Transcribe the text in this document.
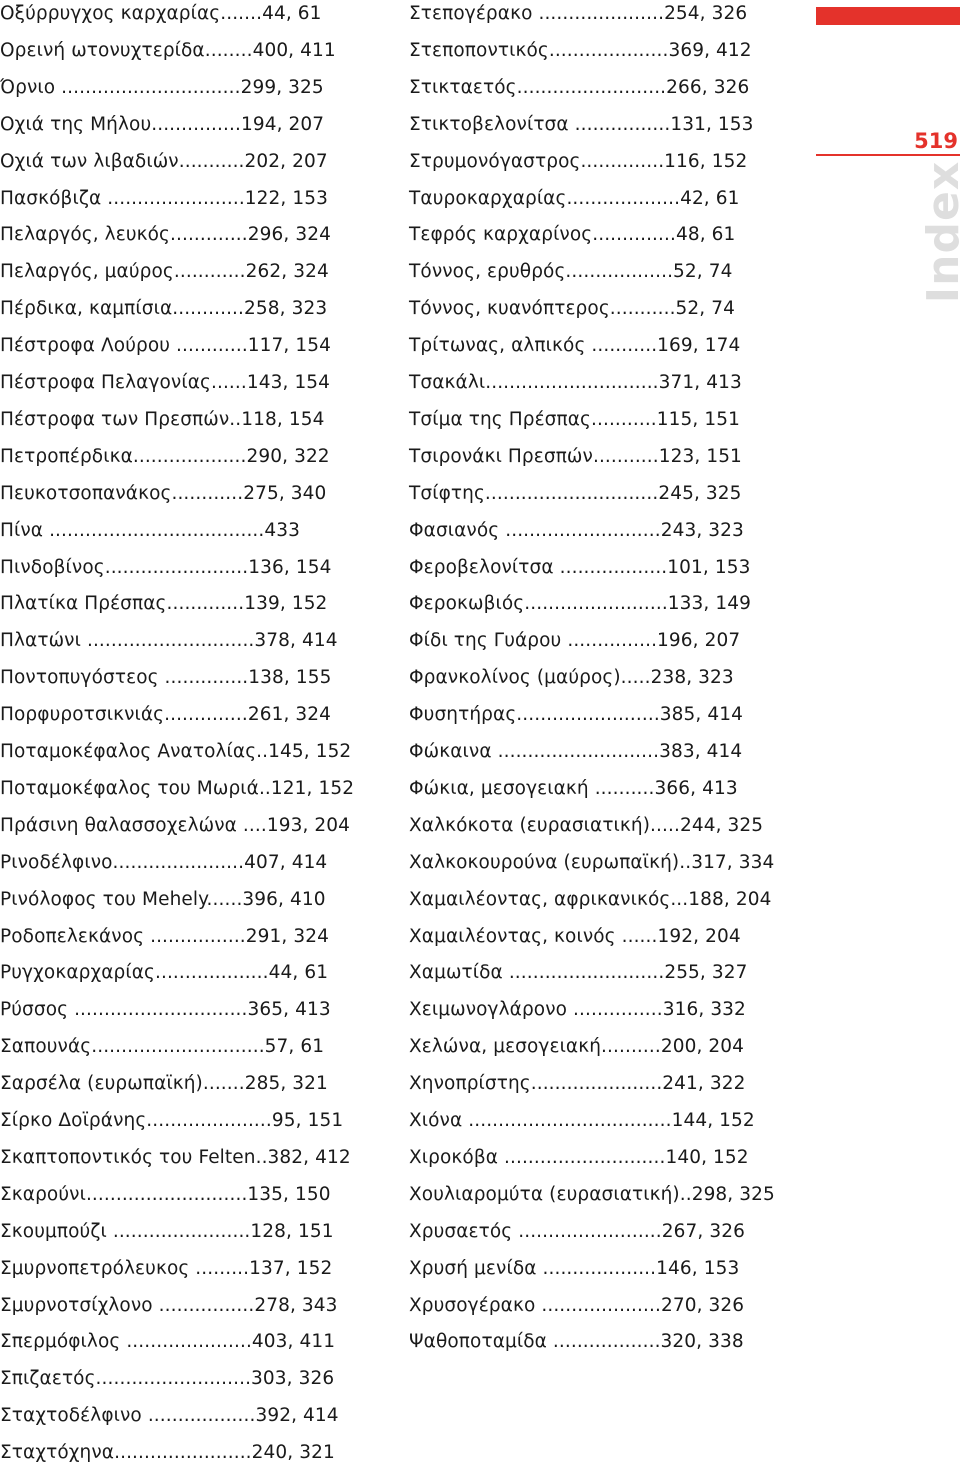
Οξύρρυγχος καρχαρίας.......44, 61
Ορεινή ωτονυχτερίδα........400, 411
Όρνιο ..............................299, 325
Οχιά της Μήλου...............194, 207
Οχιά των λιβαδιών...........202, 207
Πασκόβιζα .......................122, 153
Πελαργός, λευκός.............296, 324
Πελαργός, μαύρος............262, 324
Πέρδικα, καμπίσια............258, 323
Πέστροφα Λούρου ............117, 154
Πέστροφα Πελαγονίας......143, 154
Πέστροφα των Πρεσπών..118, 154
Πετροπέρδικα...................290, 322
Πευκοτσοπανάκος............275, 340
Πίνα ....................................433
Πινδοβίνος........................136, 154
Πλατίκα Πρέσπας.............139, 152
Πλατώνι ............................378, 414
Ποντοπυγόστεος ..............138, 155
Πορφυροτσικνιάς..............261, 324
Ποταμοκέφαλος Ανατολίας..145, 152
Ποταμοκέφαλος του Μωριά..121, 152
Πράσινη θαλασσοχελώνα ....193, 204
Ρινοδέλφινο......................407, 414
Ρινόλοφος του Mehely......396, 410
Ροδοπελεκάνος ................291, 324
Ρυγχοκαρχαρίας...................44, 61
Ρύσσος .............................365, 413
Σαπουνάς.............................57, 61
Σαρσέλα (ευρωπαϊκή).......285, 321
Σίρκο Δοϊράνης.....................95, 151
Σκαπτοποντικός του Felten..382, 412
Σκαρούνι...........................135, 150
Σκουμπούζι .......................128, 151
Σμυρνοπετρόλευκος .........137, 152
Σμυρνοτσίχλονο ................278, 343
Σπερμόφιλος .....................403, 411
Σπιζαετός..........................303, 326
Σταχτοδέλφινο ..................392, 414
Σταχτόχηνα.......................240, 321
Στεπογέρακο .....................254, 326
Στεποποντικός....................369, 412
Στικταετός.........................266, 326
Στικτοβελονίτσα ................131, 153
Στρυμονόγαστρος..............116, 152
Ταυροκαρχαρίας...................42, 61
Τεφρός καρχαρίνος..............48, 61
Τόννος, ερυθρός..................52, 74
Τόννος, κυανόπτερος...........52, 74
Τρίτωνας, αλπικός ...........169, 174
Τσακάλι.............................371, 413
Τσίμα της Πρέσπας...........115, 151
Τσιρονάκι Πρεσπών...........123, 151
Τσίφτης.............................245, 325
Φασιανός ..........................243, 323
Φεροβελονίτσα ..................101, 153
Φεροκωβιός........................133, 149
Φίδι της Γυάρου ...............196, 207
Φρανκολίνος (μαύρος).....238, 323
Φυσητήρας........................385, 414
Φώκαινα ...........................383, 414
Φώκια, μεσογειακή ..........366, 413
Χαλκόκοτα (ευρασιατική).....244, 325
Χαλκοκουρούνα (ευρωπαϊκή)..317, 334
Χαμαιλέοντας, αφρικανικός...188, 204
Χαμαιλέοντας, κοινός ......192, 204
Χαμωτίδα ..........................255, 327
Χειμωνογλάρονο ...............316, 332
Χελώνα, μεσογειακή..........200, 204
Χηνοπρίστης......................241, 322
Χιόνα ..................................144, 152
Χιροκόβα ...........................140, 152
Χουλιαρομύτα (ευρασιατική)..298, 325
Χρυσαετός ........................267, 326
Χρυσή μενίδα ...................146, 153
Χρυσογέρακο ....................270, 326
Ψαθοποταμίδα ..................320, 338
519
Index
